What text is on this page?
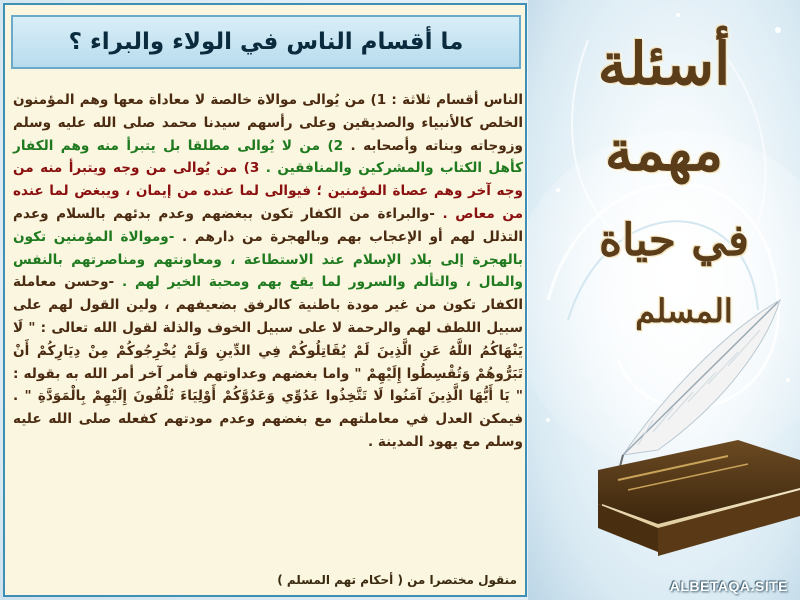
أسئلة
مهمة
في حياة
المسلم
ALBETAQA.SITE
ما أقسام الناس في الولاء والبراء ؟
الناس أقسام ثلاثة : 1) من يُوالى موالاة خالصة لا معاداة معها وهم المؤمنون الخلص كالأنبياء والصديقين وعلى رأسهم سيدنا محمد صلى الله عليه وسلم وزوجاته وبناته وأصحابه . 2) من لا يُوالى مطلقا بل يتبرأ منه وهم الكفار كأهل الكتاب والمشركين والمنافقين . 3) من يُوالى من وجه ويتبرأ منه من وجه آخر وهم عصاة المؤمنين ؛ فيوالى لما عنده من إيمان ، ويبغض لما عنده من معاص . -والبراءة من الكفار تكون ببغضهم وعدم بدئهم بالسلام وعدم التذلل لهم أو الإعجاب بهم وبالهجرة من دارهم . -وموالاة المؤمنين تكون بالهجرة إلى بلاد الإسلام عند الاستطاعة ، ومعاونتهم ومناصرتهم بالنفس والمال ، والتألم والسرور لما يقع بهم ومحبة الخير لهم . -وحسن معاملة الكفار تكون من غير مودة باطنية كالرفق بضعيفهم ، ولين القول لهم على سبيل اللطف لهم والرحمة لا على سبيل الخوف والذلة لقول الله تعالى : " لَا يَنْهَاكُمُ اللَّهُ عَنِ الَّذِينَ لَمْ يُقَاتِلُوكُمْ فِي الدِّينِ وَلَمْ يُخْرِجُوكُمْ مِنْ دِيَارِكُمْ أَنْ تَبَرُّوهُمْ وَتُقْسِطُوا إِلَيْهِمْ " واما بغضهم وعداوتهم فأمر آخر أمر الله به بقوله : " يَا أَيُّهَا الَّذِينَ آمَنُوا لَا تَتَّخِذُوا عَدُوِّي وَعَدُوَّكُمْ أَوْلِيَاءَ تُلْقُونَ إِلَيْهِمْ بِالْمَوَدَّةِ " . فيمكن العدل في معاملتهم مع بغضهم وعدم مودتهم كفعله صلى الله عليه وسلم مع يهود المدينة .
منقول مختصرا من ( أحكام تهم المسلم )
